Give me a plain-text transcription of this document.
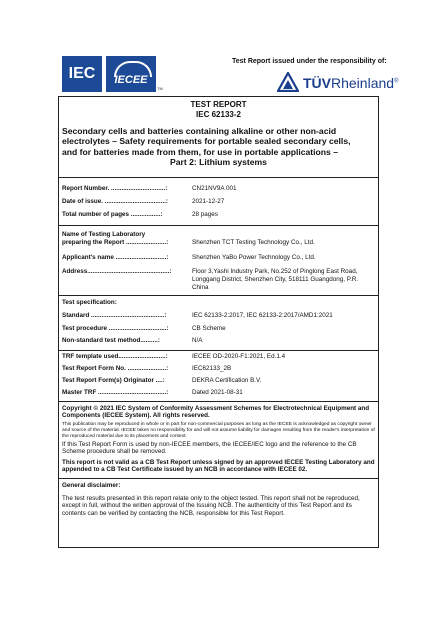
IEC	IECEE
TM
Test Report issued under the responsibility of:
TÜVRheinland®
TEST REPORT
IEC 62133-2
Secondary cells and batteries containing alkaline or other non-acid
electrolytes – Safety requirements for portable sealed secondary cells,
and for batteries made from them, for use in portable applications –
Part 2: Lithium systems
Report Number. ...............................:	CN21NV9A 001
Date of issue. ...................................:	2021-12-27
Total number of pages .................:	28 pages
Name of Testing Laboratory
preparing the Report .......................:	Shenzhen TCT Testing Technology Co., Ltd.
Applicant's name .............................:	Shenzhen YaBo Power Technology Co., Ltd.
Address...............................................:	Floor 3,Yashi Industry Park, No.252 of Pinglong East Road, Longgang District, Shenzhen City, 518111 Guangdong, P.R. China
Test specification:
Standard ..........................................:	IEC 62133-2:2017, IEC 62133-2:2017/AMD1:2021
Test procedure .................................:	CB Scheme
Non-standard test method..........:	N/A
TRF template used...........................:	IECEE OD-2020-F1:2021, Ed.1.4
Test Report Form No. ......................:	IEC62133_2B
Test Report Form(s) Originator ....:	DEKRA Certification B.V.
Master TRF .......................................:	Dated 2021-08-31
Copyright © 2021 IEC System of Conformity Assessment Schemes for Electrotechnical Equipment and Components (IECEE System). All rights reserved.
This publication may be reproduced in whole or in part for non-commercial purposes as long as the IECEE is acknowledged as copyright owner and source of the material. IECEE takes no responsibility for and will not assume liability for damages resulting from the reader's interpretation of the reproduced material due to its placement and context.
If this Test Report Form is used by non-IECEE members, the IECEE/IEC logo and the reference to the CB Scheme procedure shall be removed.
This report is not valid as a CB Test Report unless signed by an approved IECEE Testing Laboratory and appended to a CB Test Certificate issued by an NCB in accordance with IECEE 02.
General disclaimer:
The test results presented in this report relate only to the object tested. This report shall not be reproduced, except in full, without the written approval of the Issuing NCB. The authenticity of this Test Report and its contents can be verified by contacting the NCB, responsible for this Test Report.
